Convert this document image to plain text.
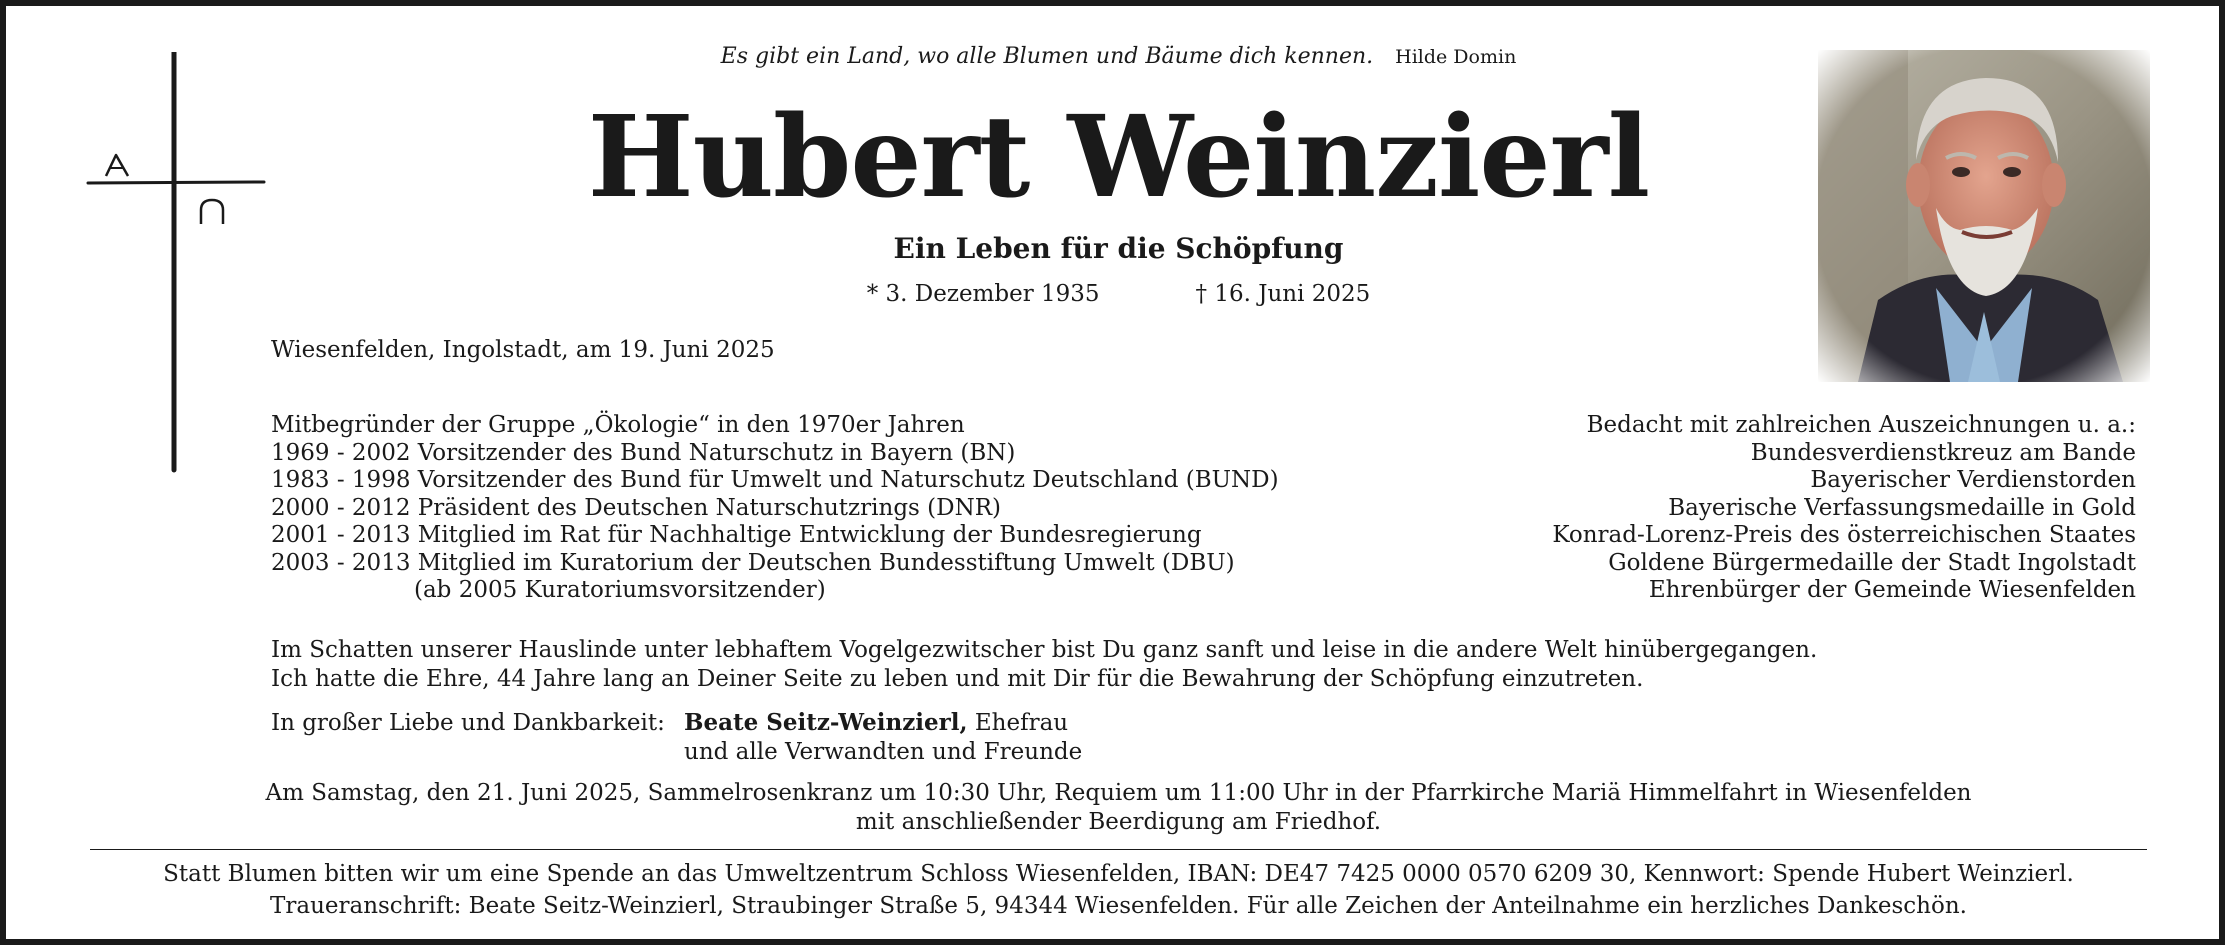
Es gibt ein Land, wo alle Blumen und Bäume dich kennen. Hilde Domin
Hubert Weinzierl
Ein Leben für die Schöpfung
* 3. Dezember 1935	† 16. Juni 2025
Wiesenfelden, Ingolstadt, am 19. Juni 2025
Mitbegründer der Gruppe „Ökologie“ in den 1970er Jahren
1969 - 2002 Vorsitzender des Bund Naturschutz in Bayern (BN)
1983 - 1998 Vorsitzender des Bund für Umwelt und Naturschutz Deutschland (BUND)
2000 - 2012 Präsident des Deutschen Naturschutzrings (DNR)
2001 - 2013 Mitglied im Rat für Nachhaltige Entwicklung der Bundesregierung
2003 - 2013 Mitglied im Kuratorium der Deutschen Bundesstiftung Umwelt (DBU)
(ab 2005 Kuratoriumsvorsitzender)
Bedacht mit zahlreichen Auszeichnungen u. a.:
Bundesverdienstkreuz am Bande
Bayerischer Verdienstorden
Bayerische Verfassungsmedaille in Gold
Konrad-Lorenz-Preis des österreichischen Staates
Goldene Bürgermedaille der Stadt Ingolstadt
Ehrenbürger der Gemeinde Wiesenfelden
Im Schatten unserer Hauslinde unter lebhaftem Vogelgezwitscher bist Du ganz sanft und leise in die andere Welt hinübergegangen.
Ich hatte die Ehre, 44 Jahre lang an Deiner Seite zu leben und mit Dir für die Bewahrung der Schöpfung einzutreten.
In großer Liebe und Dankbarkeit: Beate Seitz-Weinzierl, Ehefrau
und alle Verwandten und Freunde
Am Samstag, den 21. Juni 2025, Sammelrosenkranz um 10:30 Uhr, Requiem um 11:00 Uhr in der Pfarrkirche Mariä Himmelfahrt in Wiesenfelden
mit anschließender Beerdigung am Friedhof.
Statt Blumen bitten wir um eine Spende an das Umweltzentrum Schloss Wiesenfelden, IBAN: DE47 7425 0000 0570 6209 30, Kennwort: Spende Hubert Weinzierl.
Traueranschrift: Beate Seitz-Weinzierl, Straubinger Straße 5, 94344 Wiesenfelden. Für alle Zeichen der Anteilnahme ein herzliches Dankeschön.
